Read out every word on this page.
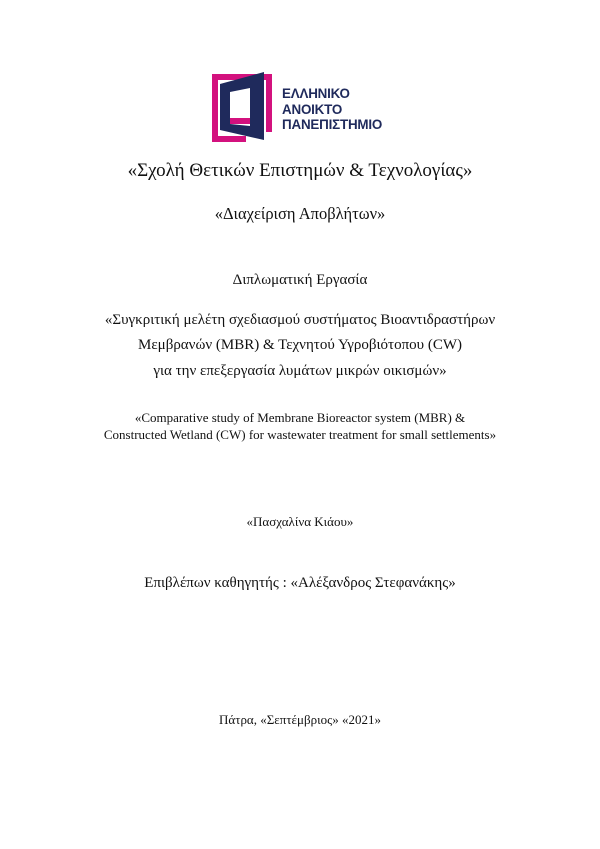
ΕΛΛΗΝΙΚΟ
ΑΝΟΙΚΤΟ
ΠΑΝΕΠΙΣΤΗΜΙΟ
«Σχολή Θετικών Επιστημών & Τεχνολογίας»
«Διαχείριση Αποβλήτων»
Διπλωματική Εργασία
«Συγκριτική μελέτη σχεδιασμού συστήματος Βιοαντιδραστήρων
Μεμβρανών (MBR) & Τεχνητού Υγροβιότοπου (CW)
για την επεξεργασία λυμάτων μικρών οικισμών»
«Comparative study of Membrane Bioreactor system (MBR) &
Constructed Wetland (CW) for wastewater treatment for small settlements»
«Πασχαλίνα Κιάου»
Επιβλέπων καθηγητής : «Αλέξανδρος Στεφανάκης»
Πάτρα, «Σεπτέμβριος» «2021»
